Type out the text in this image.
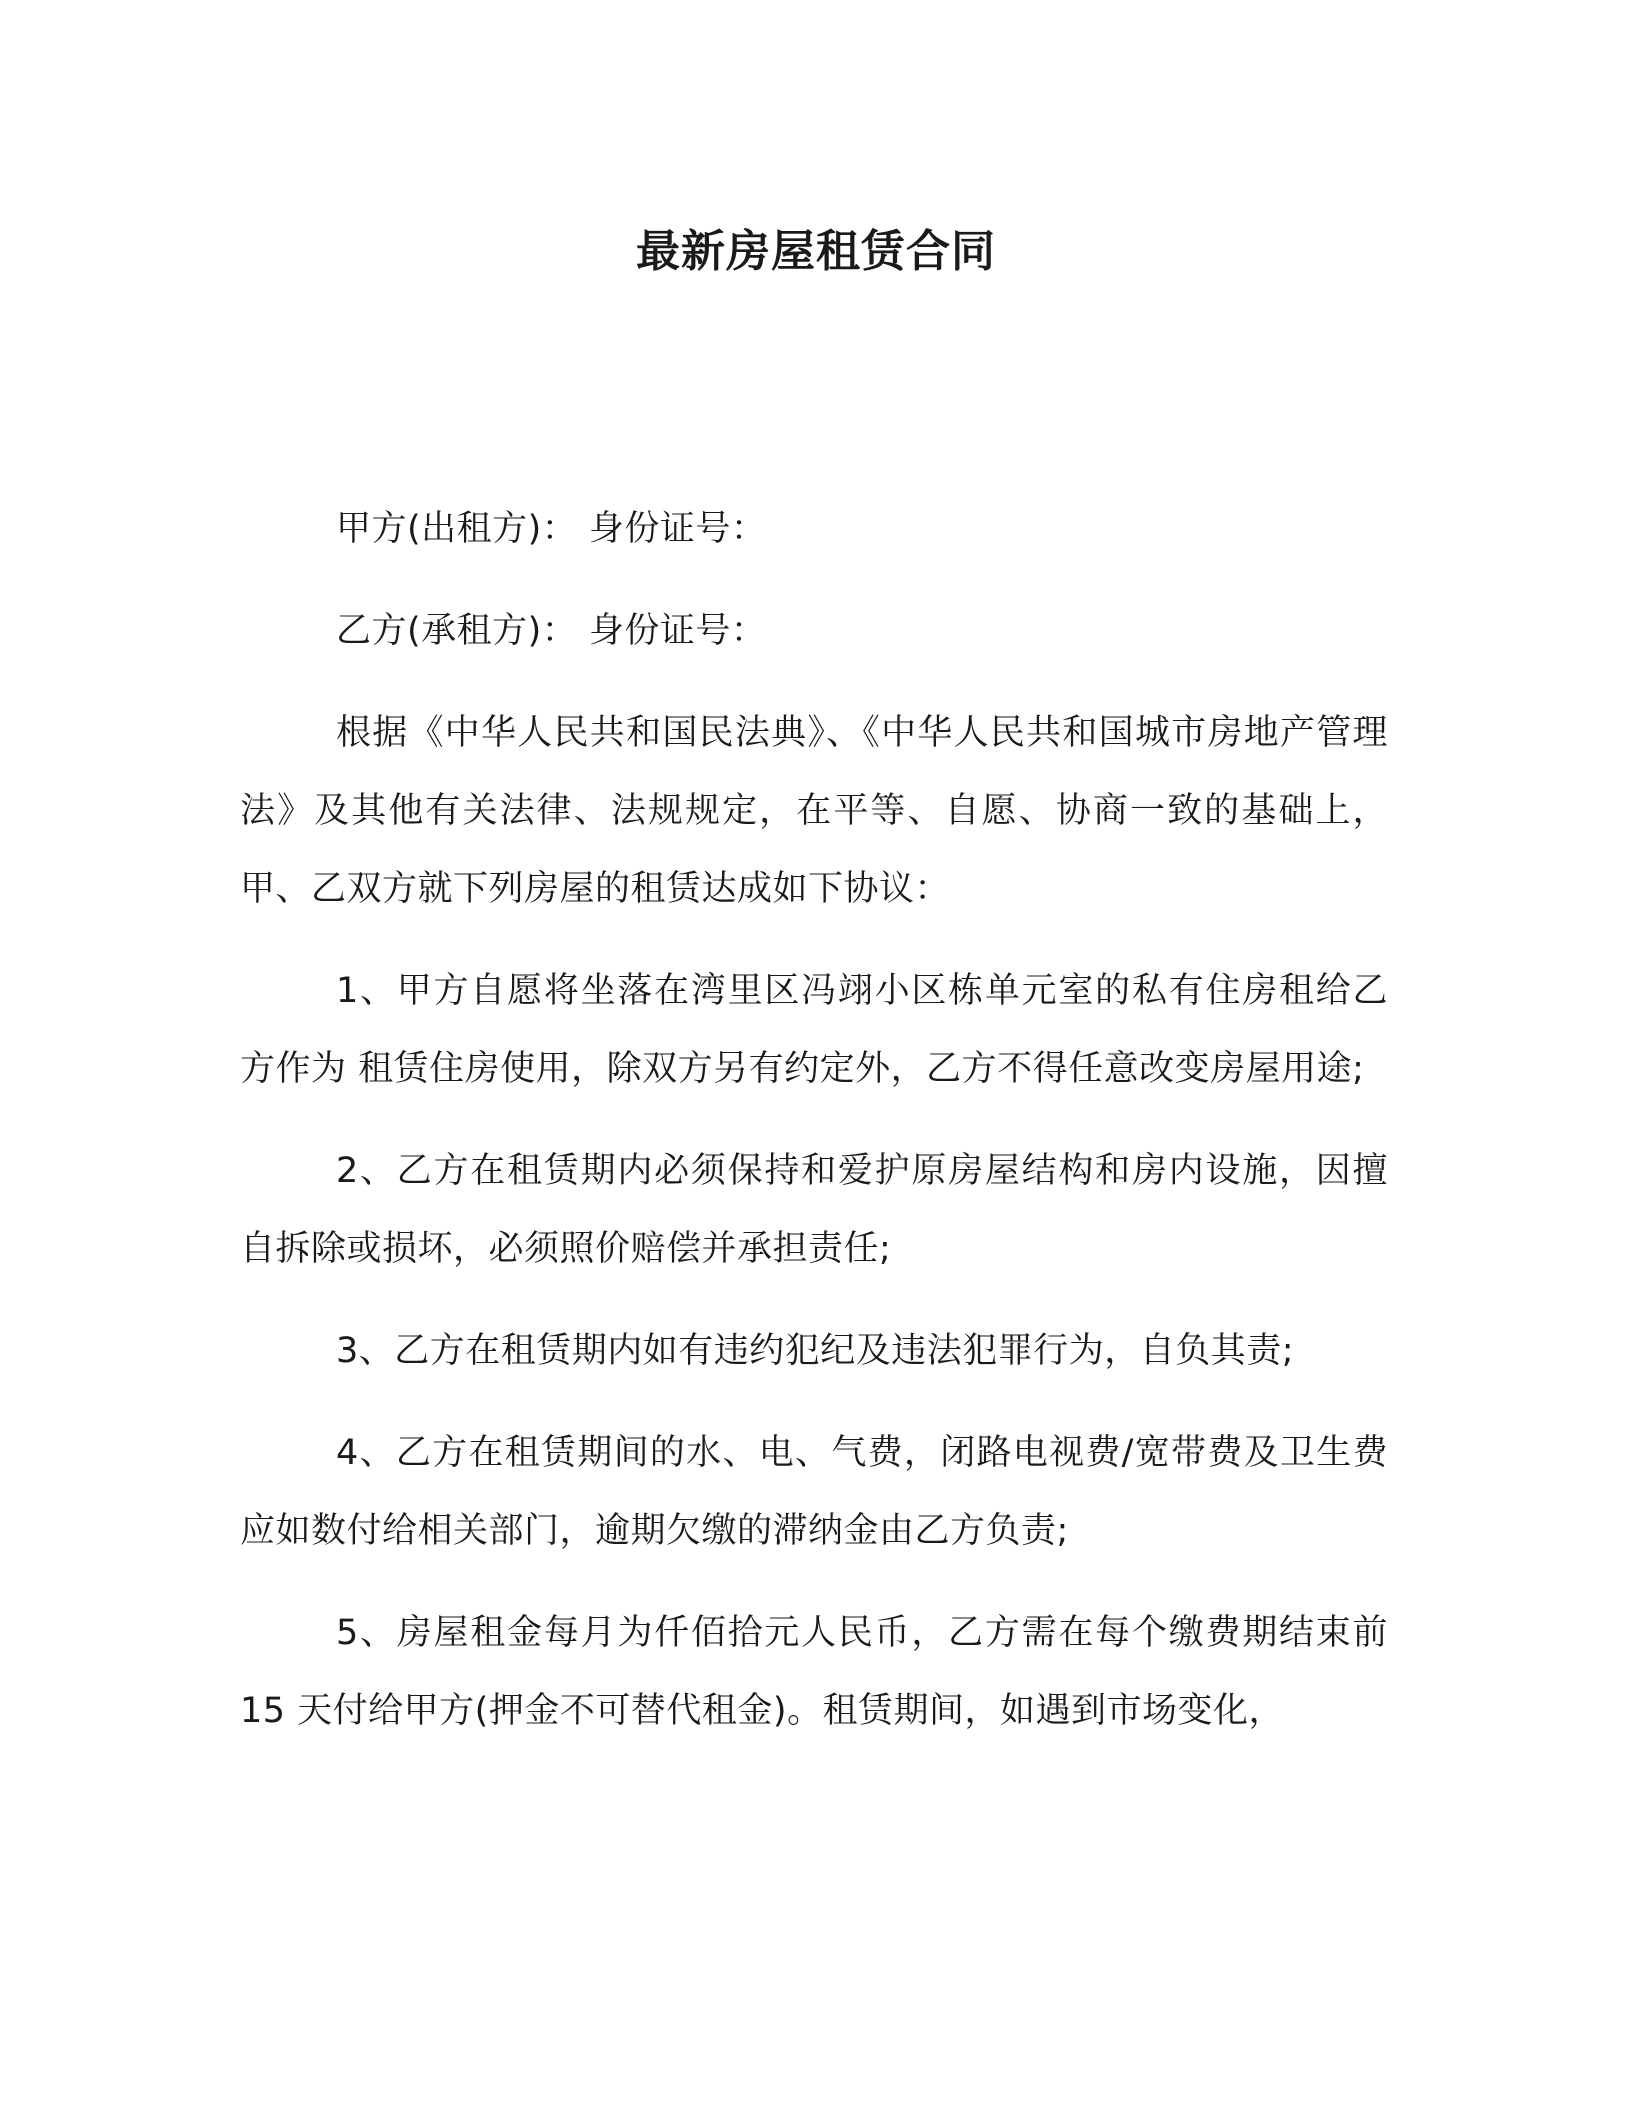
最新房屋租赁合同

甲方(出租方)： 身份证号：

乙方(承租方)： 身份证号：

根据《中华人民共和国民法典》、《中华人民共和国城市房地产管理法》及其他有关法律、法规规定，在平等、自愿、协商一致的基础上，甲、乙双方就下列房屋的租赁达成如下协议：

1、甲方自愿将坐落在湾里区冯翊小区栋单元室的私有住房租给乙方作为 租赁住房使用，除双方另有约定外，乙方不得任意改变房屋用途;

2、乙方在租赁期内必须保持和爱护原房屋结构和房内设施，因擅自拆除或损坏，必须照价赔偿并承担责任;

3、乙方在租赁期内如有违约犯纪及违法犯罪行为，自负其责;

4、乙方在租赁期间的水、电、气费，闭路电视费/宽带费及卫生费应如数付给相关部门，逾期欠缴的滞纳金由乙方负责;

5、房屋租金每月为仟佰拾元人民币，乙方需在每个缴费期结束前 15 天付给甲方(押金不可替代租金)。租赁期间，如遇到市场变化，
